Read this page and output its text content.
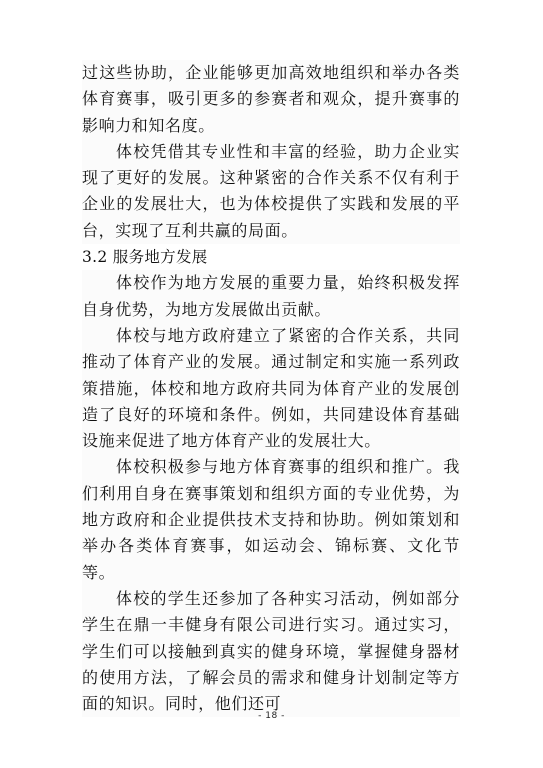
过这些协助，企业能够更加高效地组织和举办各类体育赛事，吸引更多的参赛者和观众，提升赛事的影响力和知名度。

体校凭借其专业性和丰富的经验，助力企业实现了更好的发展。这种紧密的合作关系不仅有利于企业的发展壮大，也为体校提供了实践和发展的平台，实现了互利共赢的局面。

3.2 服务地方发展

体校作为地方发展的重要力量，始终积极发挥自身优势，为地方发展做出贡献。

体校与地方政府建立了紧密的合作关系，共同推动了体育产业的发展。通过制定和实施一系列政策措施，体校和地方政府共同为体育产业的发展创造了良好的环境和条件。例如，共同建设体育基础设施来促进了地方体育产业的发展壮大。

体校积极参与地方体育赛事的组织和推广。我们利用自身在赛事策划和组织方面的专业优势，为地方政府和企业提供技术支持和协助。例如策划和举办各类体育赛事，如运动会、锦标赛、文化节等。

体校的学生还参加了各种实习活动，例如部分学生在鼎一丰健身有限公司进行实习。通过实习，学生们可以接触到真实的健身环境，掌握健身器材的使用方法，了解会员的需求和健身计划制定等方面的知识。同时，他们还可

- 18 -
